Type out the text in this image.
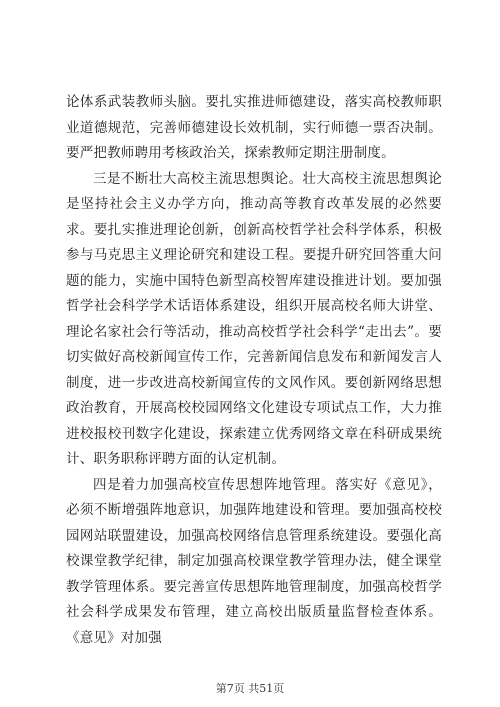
论体系武装教师头脑。要扎实推进师德建设，落实高校教师职业道德规范，完善师德建设长效机制，实行师德一票否决制。要严把教师聘用考核政治关，探索教师定期注册制度。

三是不断壮大高校主流思想舆论。壮大高校主流思想舆论是坚持社会主义办学方向，推动高等教育改革发展的必然要求。要扎实推进理论创新，创新高校哲学社会科学体系，积极参与马克思主义理论研究和建设工程。要提升研究回答重大问题的能力，实施中国特色新型高校智库建设推进计划。要加强哲学社会科学学术话语体系建设，组织开展高校名师大讲堂、理论名家社会行等活动，推动高校哲学社会科学“走出去”。要切实做好高校新闻宣传工作，完善新闻信息发布和新闻发言人制度，进一步改进高校新闻宣传的文风作风。要创新网络思想政治教育，开展高校校园网络文化建设专项试点工作，大力推进校报校刊数字化建设，探索建立优秀网络文章在科研成果统计、职务职称评聘方面的认定机制。

四是着力加强高校宣传思想阵地管理。落实好《意见》，必须不断增强阵地意识，加强阵地建设和管理。要加强高校校园网站联盟建设，加强高校网络信息管理系统建设。要强化高校课堂教学纪律，制定加强高校课堂教学管理办法，健全课堂教学管理体系。要完善宣传思想阵地管理制度，加强高校哲学社会科学成果发布管理，建立高校出版质量监督检查体系。《意见》对加强

第7页 共51页
